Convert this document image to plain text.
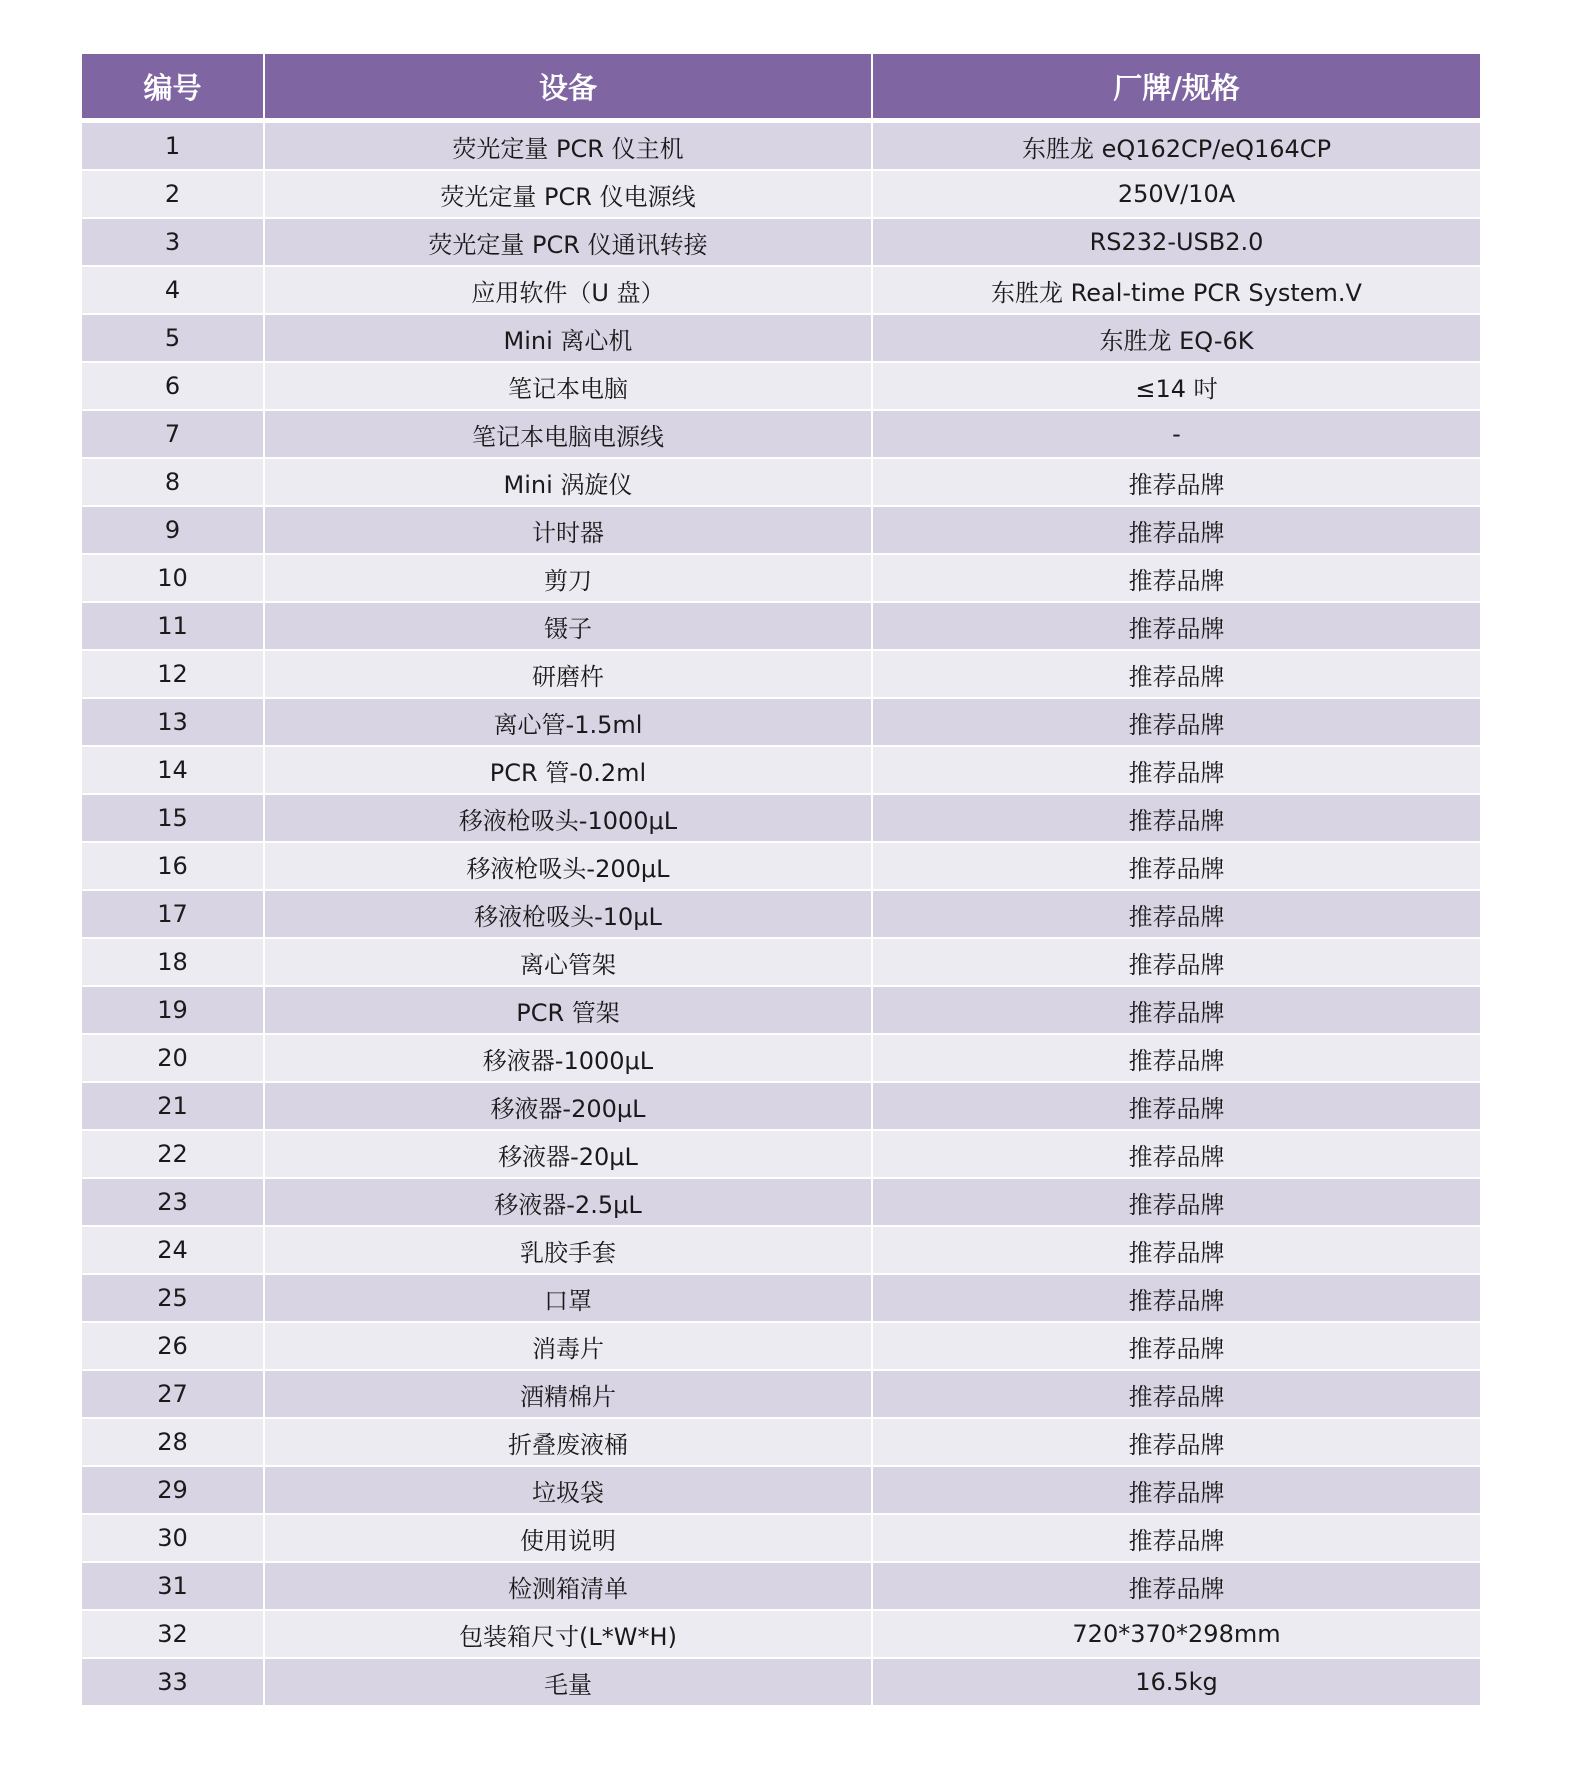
编号	设备	厂牌/规格
1	荧光定量 PCR 仪主机	东胜龙 eQ162CP/eQ164CP
2	荧光定量 PCR 仪电源线	250V/10A
3	荧光定量 PCR 仪通讯转接	RS232-USB2.0
4	应用软件（U 盘）	东胜龙 Real-time PCR System.V
5	Mini 离心机	东胜龙 EQ-6K
6	笔记本电脑	≤14 吋
7	笔记本电脑电源线	-
8	Mini 涡旋仪	推荐品牌
9	计时器	推荐品牌
10	剪刀	推荐品牌
11	镊子	推荐品牌
12	研磨杵	推荐品牌
13	离心管-1.5ml	推荐品牌
14	PCR 管-0.2ml	推荐品牌
15	移液枪吸头-1000μL	推荐品牌
16	移液枪吸头-200μL	推荐品牌
17	移液枪吸头-10μL	推荐品牌
18	离心管架	推荐品牌
19	PCR 管架	推荐品牌
20	移液器-1000μL	推荐品牌
21	移液器-200μL	推荐品牌
22	移液器-20μL	推荐品牌
23	移液器-2.5μL	推荐品牌
24	乳胶手套	推荐品牌
25	口罩	推荐品牌
26	消毒片	推荐品牌
27	酒精棉片	推荐品牌
28	折叠废液桶	推荐品牌
29	垃圾袋	推荐品牌
30	使用说明	推荐品牌
31	检测箱清单	推荐品牌
32	包装箱尺寸(L*W*H)	720*370*298mm
33	毛量	16.5kg
